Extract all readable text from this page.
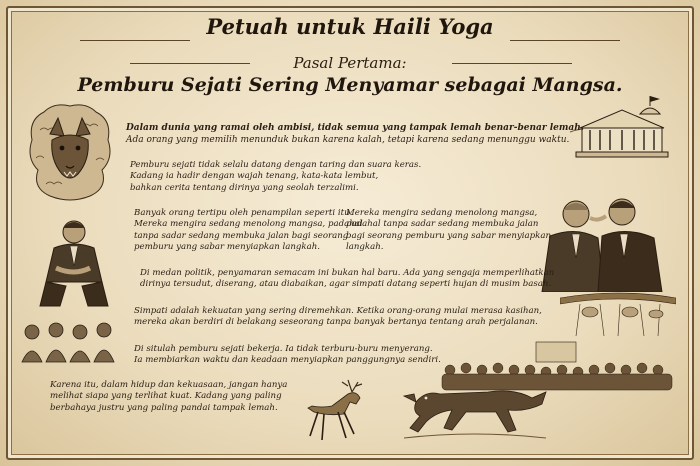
Petuah untuk Haili Yoga
Pasal Pertama:
Pemburu Sejati Sering Menyamar sebagai Mangsa.
Dalam dunia yang ramai oleh ambisi, tidak semua yang tampak lemah benar-benar lemah.
Ada orang yang memilih menunduk bukan karena kalah, tetapi karena sedang menunggu waktu.
Pemburu sejati tidak selalu datang dengan taring dan suara keras.
Kadang ia hadir dengan wajah tenang, kata-kata lembut,
bahkan cerita tentang dirinya yang seolah terzalimi.
Banyak orang tertipu oleh penampilan seperti itu.
Mereka mengira sedang menolong mangsa, padahal
tanpa sadar sedang membuka jalan bagi seorang
pemburu yang sabar menyiapkan langkah.
Mereka mengira sedang menolong mangsa,
padahal tanpa sadar sedang membuka jalan
bagi seorang pemburu yang sabar menyiapkan
langkah.
Di medan politik, penyamaran semacam ini bukan hal baru. Ada yang sengaja memperlihatkan
dirinya tersudut, diserang, atau diabaikan, agar simpati datang seperti hujan di musim basah.
Simpati adalah kekuatan yang sering diremehkan. Ketika orang-orang mulai merasa kasihan,
mereka akan berdiri di belakang seseorang tanpa banyak bertanya tentang arah perjalanan.
Di situlah pemburu sejati bekerja. Ia tidak terburu-buru menyerang.
Ia membiarkan waktu dan keadaan menyiapkan panggungnya sendiri.
Karena itu, dalam hidup dan kekuasaan, jangan hanya
melihat siapa yang terlihat kuat. Kadang yang paling
berbahaya justru yang paling pandai tampak lemah.
